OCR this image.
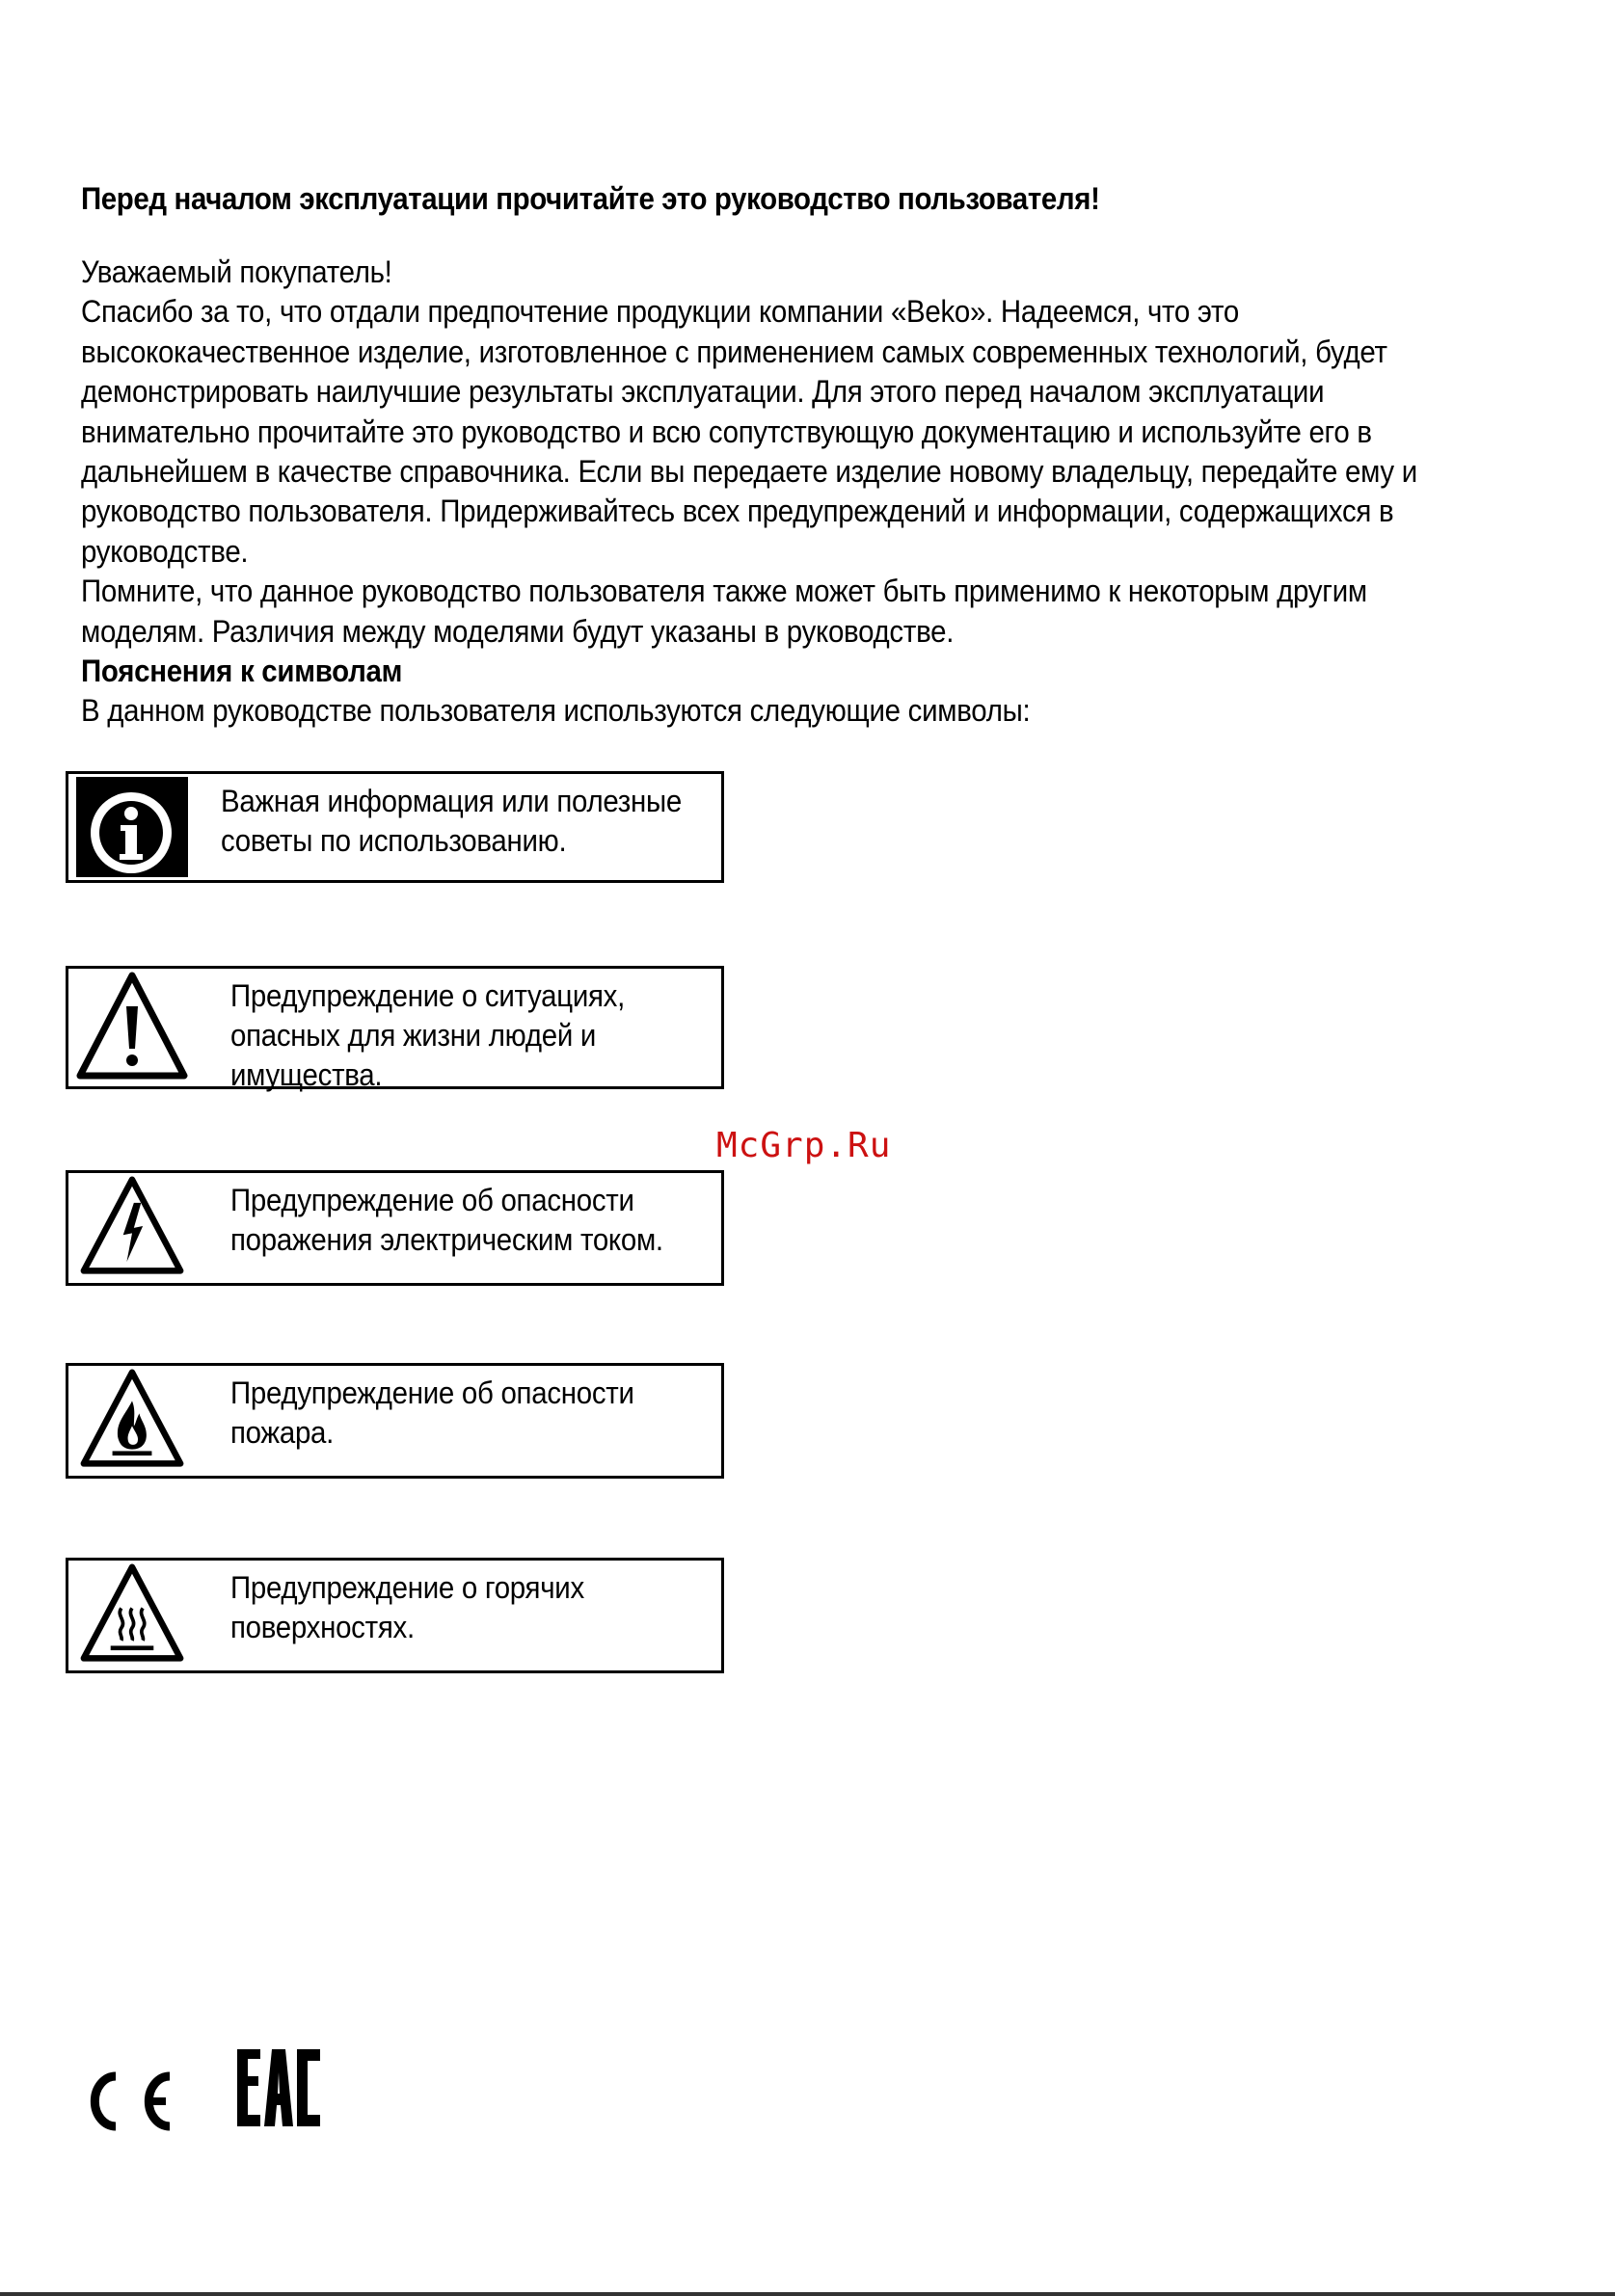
Перед началом эксплуатации прочитайте это руководство пользователя!

Уважаемый покупатель!

Спасибо за то, что отдали предпочтение продукции компании «Beko». Надеемся, что это высококачественное изделие, изготовленное с применением самых современных технологий, будет демонстрировать наилучшие результаты эксплуатации. Для этого перед началом эксплуатации внимательно прочитайте это руководство и всю сопутствующую документацию и используйте его в дальнейшем в качестве справочника. Если вы передаете изделие новому владельцу, передайте ему и руководство пользователя. Придерживайтесь всех предупреждений и информации, содержащихся в руководстве.

Помните, что данное руководство пользователя также может быть применимо к некоторым другим моделям. Различия между моделями будут указаны в руководстве.

Пояснения к символам

В данном руководстве пользователя используются следующие символы:

Важная информация или полезные советы по использованию.
Предупреждение о ситуациях, опасных для жизни людей и имущества.
Предупреждение об опасности поражения электрическим током.
Предупреждение об опасности пожара.
Предупреждение о горячих поверхностях.
McGrp.Ru
